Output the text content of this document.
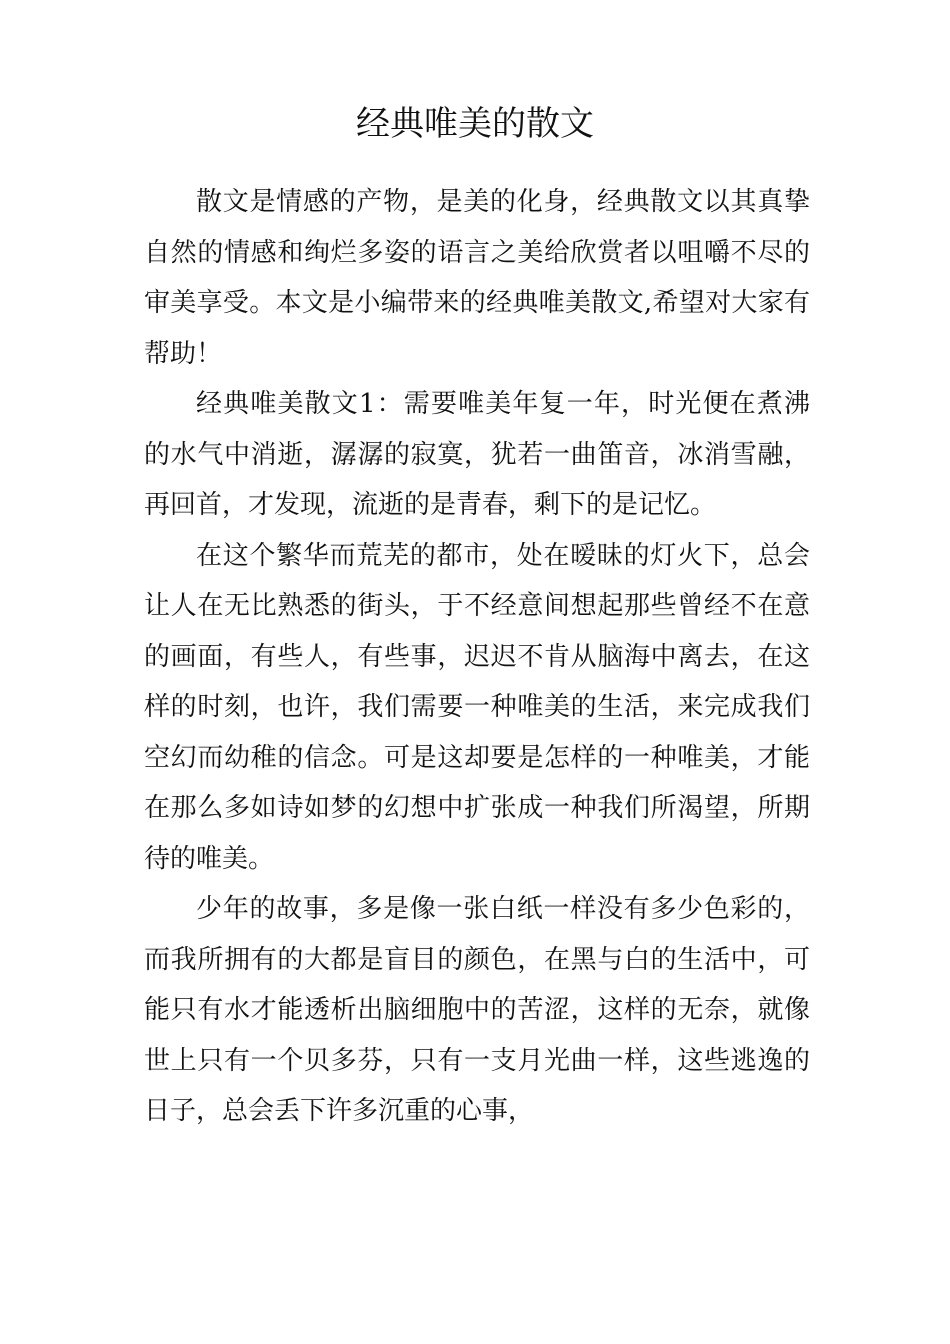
经典唯美的散文

散文是情感的产物，是美的化身，经典散文以其真挚自然的情感和绚烂多姿的语言之美给欣赏者以咀嚼不尽的审美享受。本文是小编带来的经典唯美散文,希望对大家有帮助！

经典唯美散文1：需要唯美年复一年，时光便在煮沸的水气中消逝，潺潺的寂寞，犹若一曲笛音，冰消雪融，再回首，才发现，流逝的是青春，剩下的是记忆。

在这个繁华而荒芜的都市，处在暧昧的灯火下，总会让人在无比熟悉的街头，于不经意间想起那些曾经不在意的画面，有些人，有些事，迟迟不肯从脑海中离去，在这样的时刻，也许，我们需要一种唯美的生活，来完成我们空幻而幼稚的信念。可是这却要是怎样的一种唯美，才能在那么多如诗如梦的幻想中扩张成一种我们所渴望，所期待的唯美。

少年的故事，多是像一张白纸一样没有多少色彩的，而我所拥有的大都是盲目的颜色，在黑与白的生活中，可能只有水才能透析出脑细胞中的苦涩，这样的无奈，就像世上只有一个贝多芬，只有一支月光曲一样，这些逃逸的日子，总会丢下许多沉重的心事，
